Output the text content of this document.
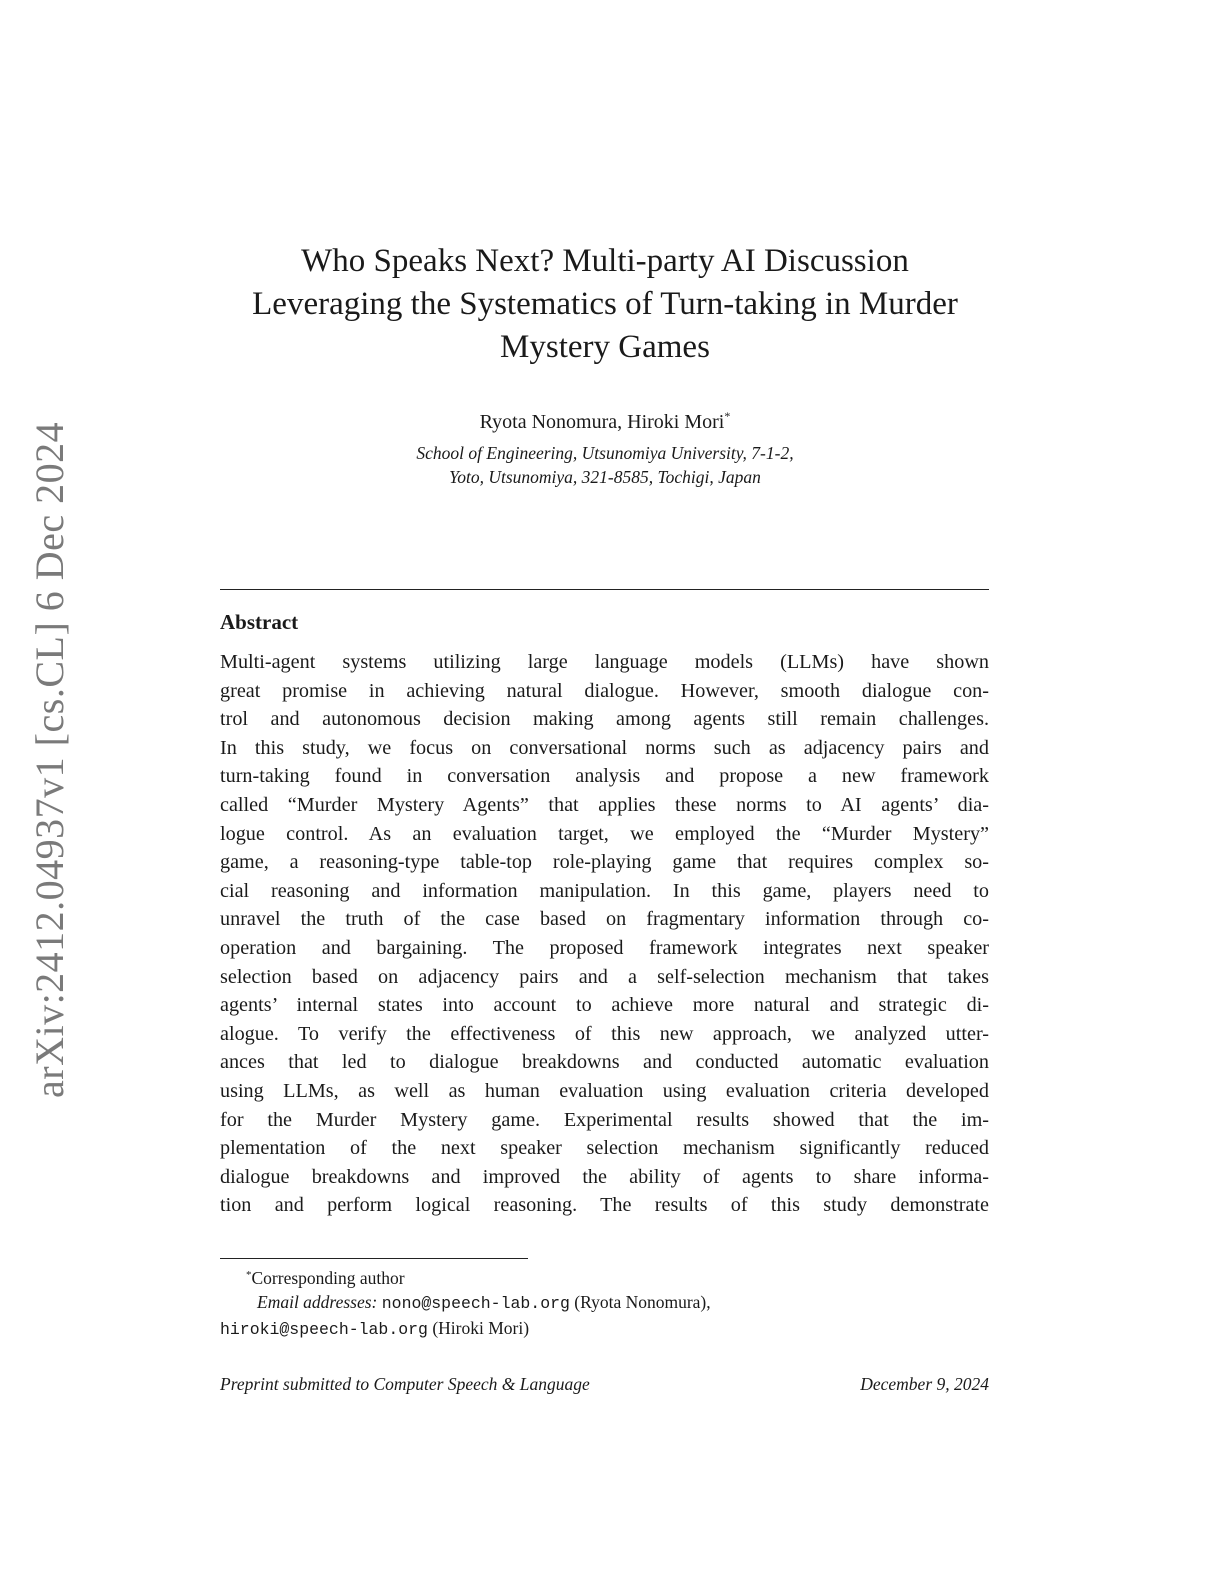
arXiv:2412.04937v1 [cs.CL] 6 Dec 2024
Who Speaks Next? Multi-party AI Discussion
Leveraging the Systematics of Turn-taking in Murder
Mystery Games
Ryota Nonomura, Hiroki Mori*
School of Engineering, Utsunomiya University, 7-1-2,
Yoto, Utsunomiya, 321-8585, Tochigi, Japan
Abstract
Multi-agent systems utilizing large language models (LLMs) have shown
great promise in achieving natural dialogue. However, smooth dialogue con-
trol and autonomous decision making among agents still remain challenges.
In this study, we focus on conversational norms such as adjacency pairs and
turn-taking found in conversation analysis and propose a new framework
called “Murder Mystery Agents” that applies these norms to AI agents’ dia-
logue control. As an evaluation target, we employed the “Murder Mystery”
game, a reasoning-type table-top role-playing game that requires complex so-
cial reasoning and information manipulation. In this game, players need to
unravel the truth of the case based on fragmentary information through co-
operation and bargaining. The proposed framework integrates next speaker
selection based on adjacency pairs and a self-selection mechanism that takes
agents’ internal states into account to achieve more natural and strategic di-
alogue. To verify the effectiveness of this new approach, we analyzed utter-
ances that led to dialogue breakdowns and conducted automatic evaluation
using LLMs, as well as human evaluation using evaluation criteria developed
for the Murder Mystery game. Experimental results showed that the im-
plementation of the next speaker selection mechanism significantly reduced
dialogue breakdowns and improved the ability of agents to share informa-
tion and perform logical reasoning. The results of this study demonstrate
*Corresponding author
Email addresses: nono@speech-lab.org (Ryota Nonomura),
hiroki@speech-lab.org (Hiroki Mori)
Preprint submitted to Computer Speech & Language	December 9, 2024
